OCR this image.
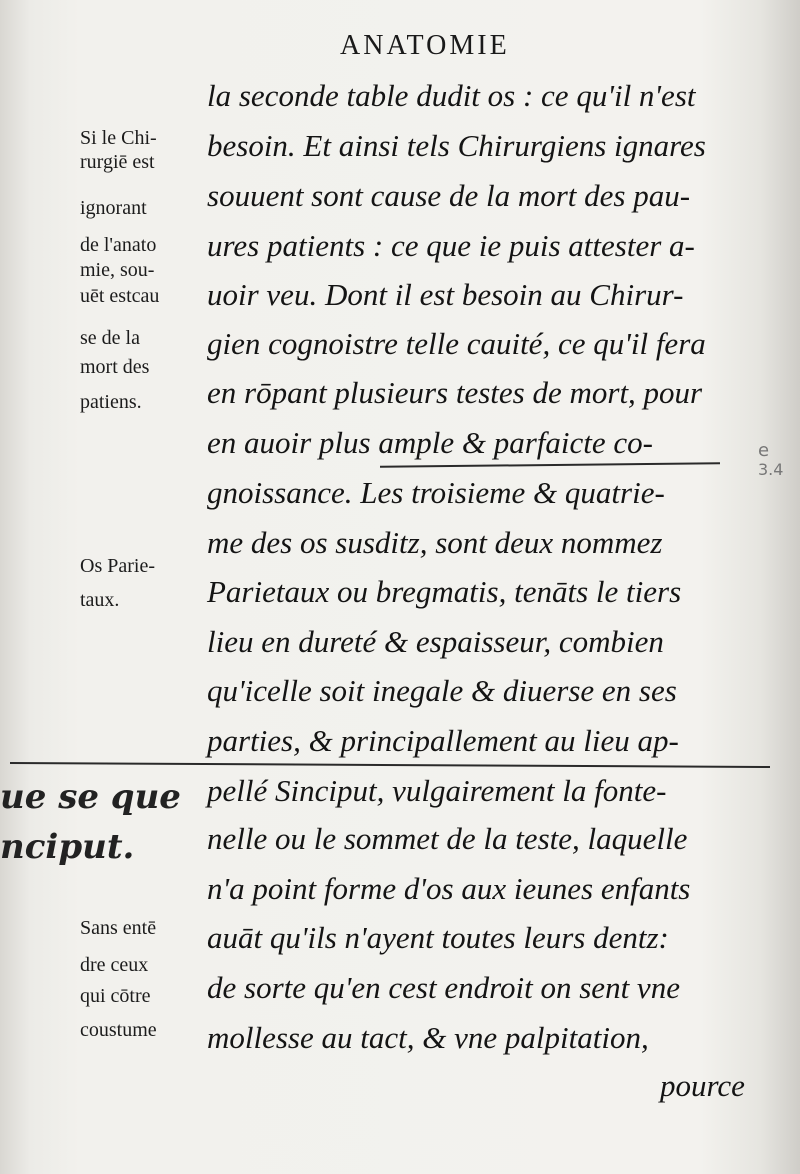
ANATOMIE
la seconde table dudit os : ce qu'il n'est
besoin. Et ainsi tels Chirurgiens ignares
souuent sont cause de la mort des pau-
ures patients : ce que ie puis attester a-
uoir veu. Dont il est besoin au Chirur-
gien cognoistre telle cauité, ce qu'il fera
en rōpant plusieurs testes de mort, pour
en auoir plus ample & parfaicte co-
gnoissance. Les troisieme & quatrie-
me des os susditz, sont deux nommez
Parietaux ou bregmatis, tenāts le tiers
lieu en dureté & espaisseur, combien
qu'icelle soit inegale & diuerse en ses
parties, & principallement au lieu ap-
pellé Sinciput, vulgairement la fonte-
nelle ou le sommet de la teste, laquelle
n'a point forme d'os aux ieunes enfants
auāt qu'ils n'ayent toutes leurs dentz:
de sorte qu'en cest endroit on sent vne
mollesse au tact, & vne palpitation,
pource
Si le Chi-
rurgiē est
ignorant
de l'anato
mie, sou-
uēt estcau
se de la
mort des
patiens.
Os Parie-
taux.
Sans entē
dre ceux
qui cōtre
coustume
ue se que
nciput.
e
3.4
